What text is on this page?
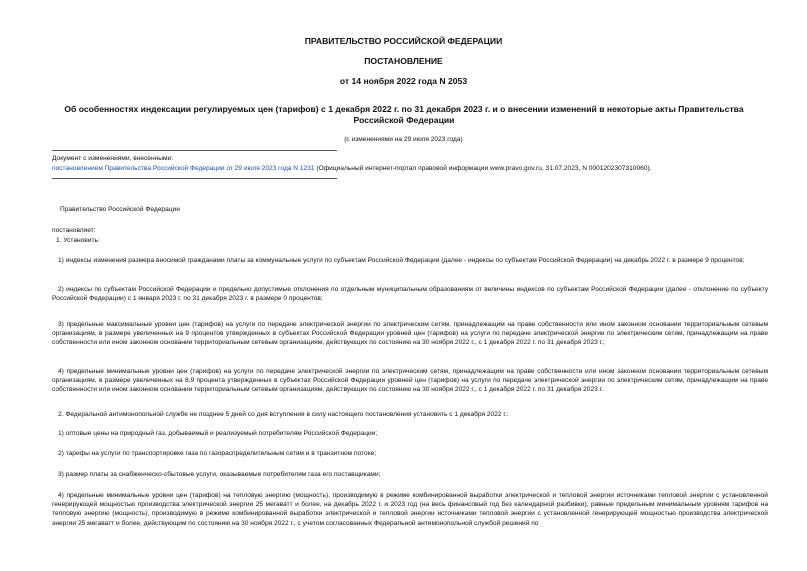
ПРАВИТЕЛЬСТВО РОССИЙСКОЙ ФЕДЕРАЦИИ
ПОСТАНОВЛЕНИЕ
от 14 ноября 2022 года N 2053
Об особенностях индексации регулируемых цен (тарифов) с 1 декабря 2022 г. по 31 декабря 2023 г. и о внесении изменений в некоторые акты Правительства Российской Федерации
(с изменениями на 29 июля 2023 года)
Документ с изменениями, внесенными:
постановлением Правительства Российской Федерации от 29 июля 2023 года N 1231 (Официальный интернет-портал правовой информации www.pravo.gov.ru, 31.07.2023, N 0001202307310060).
Правительство Российской Федерации
постановляет:
1. Установить:

1) индексы изменения размера вносимой гражданами платы за коммунальные услуги по субъектам Российской Федерации (далее - индексы по субъектам Российской Федерации) на декабрь 2022 г. в размере 9 процентов;

2) индексы по субъектам Российской Федерации и предельно допустимые отклонения по отдельным муниципальным образованиям от величины индексов по субъектам Российской Федерации (далее - отклонение по субъекту Российской Федерации) с 1 января 2023 г. по 31 декабря 2023 г. в размере 0 процентов;

3) предельные максимальные уровни цен (тарифов) на услуги по передаче электрической энергии по электрическим сетям, принадлежащим на праве собственности или ином законном основании территориальным сетевым организациям, в размере увеличенных на 9 процентов утвержденных в субъектах Российской Федерации уровней цен (тарифов) на услуги по передаче электрической энергии по электрическим сетям, принадлежащим на праве собственности или ином законном основании территориальным сетевым организациям, действующих по состоянию на 30 ноября 2022 г., с 1 декабря 2022 г. по 31 декабря 2023 г.;

4) предельные минимальные уровни цен (тарифов) на услуги по передаче электрической энергии по электрическим сетям, принадлежащим на праве собственности или ином законном основании территориальным сетевым организациям, в размере увеличенных на 8,9 процента утвержденных в субъектах Российской Федерации уровней цен (тарифов) на услуги по передаче электрической энергии по электрическим сетям, принадлежащим на праве собственности или ином законном основании территориальным сетевым организациям, действующих по состоянию на 30 ноября 2022 г., с 1 декабря 2022 г. по 31 декабря 2023 г.

2. Федеральной антимонопольной службе не позднее 5 дней со дня вступления в силу настоящего постановления установить с 1 декабря 2022 г.:

1) оптовые цены на природный газ, добываемый и реализуемый потребителям Российской Федерации;

2) тарифы на услуги по транспортировке газа по газораспределительным сетям и в транзитном потоке;

3) размер платы за снабженческо-сбытовые услуги, оказываемые потребителям газа его поставщиками;

4) предельные минимальные уровни цен (тарифов) на тепловую энергию (мощность), производимую в режиме комбинированной выработки электрической и тепловой энергии источниками тепловой энергии с установленной генерирующей мощностью производства электрической энергии 25 мегаватт и более, на декабрь 2022 г. и 2023 год (на весь финансовый год без календарной разбивки), равные предельным минимальным уровням тарифов на тепловую энергию (мощность), производимую в режиме комбинированной выработки электрической и тепловой энергии источниками тепловой энергии с установленной генерирующей мощностью производства электрической энергии 25 мегаватт и более, действующим по состоянию на 30 ноября 2022 г., с учетом согласованных Федеральной антимонопольной службой решений по
